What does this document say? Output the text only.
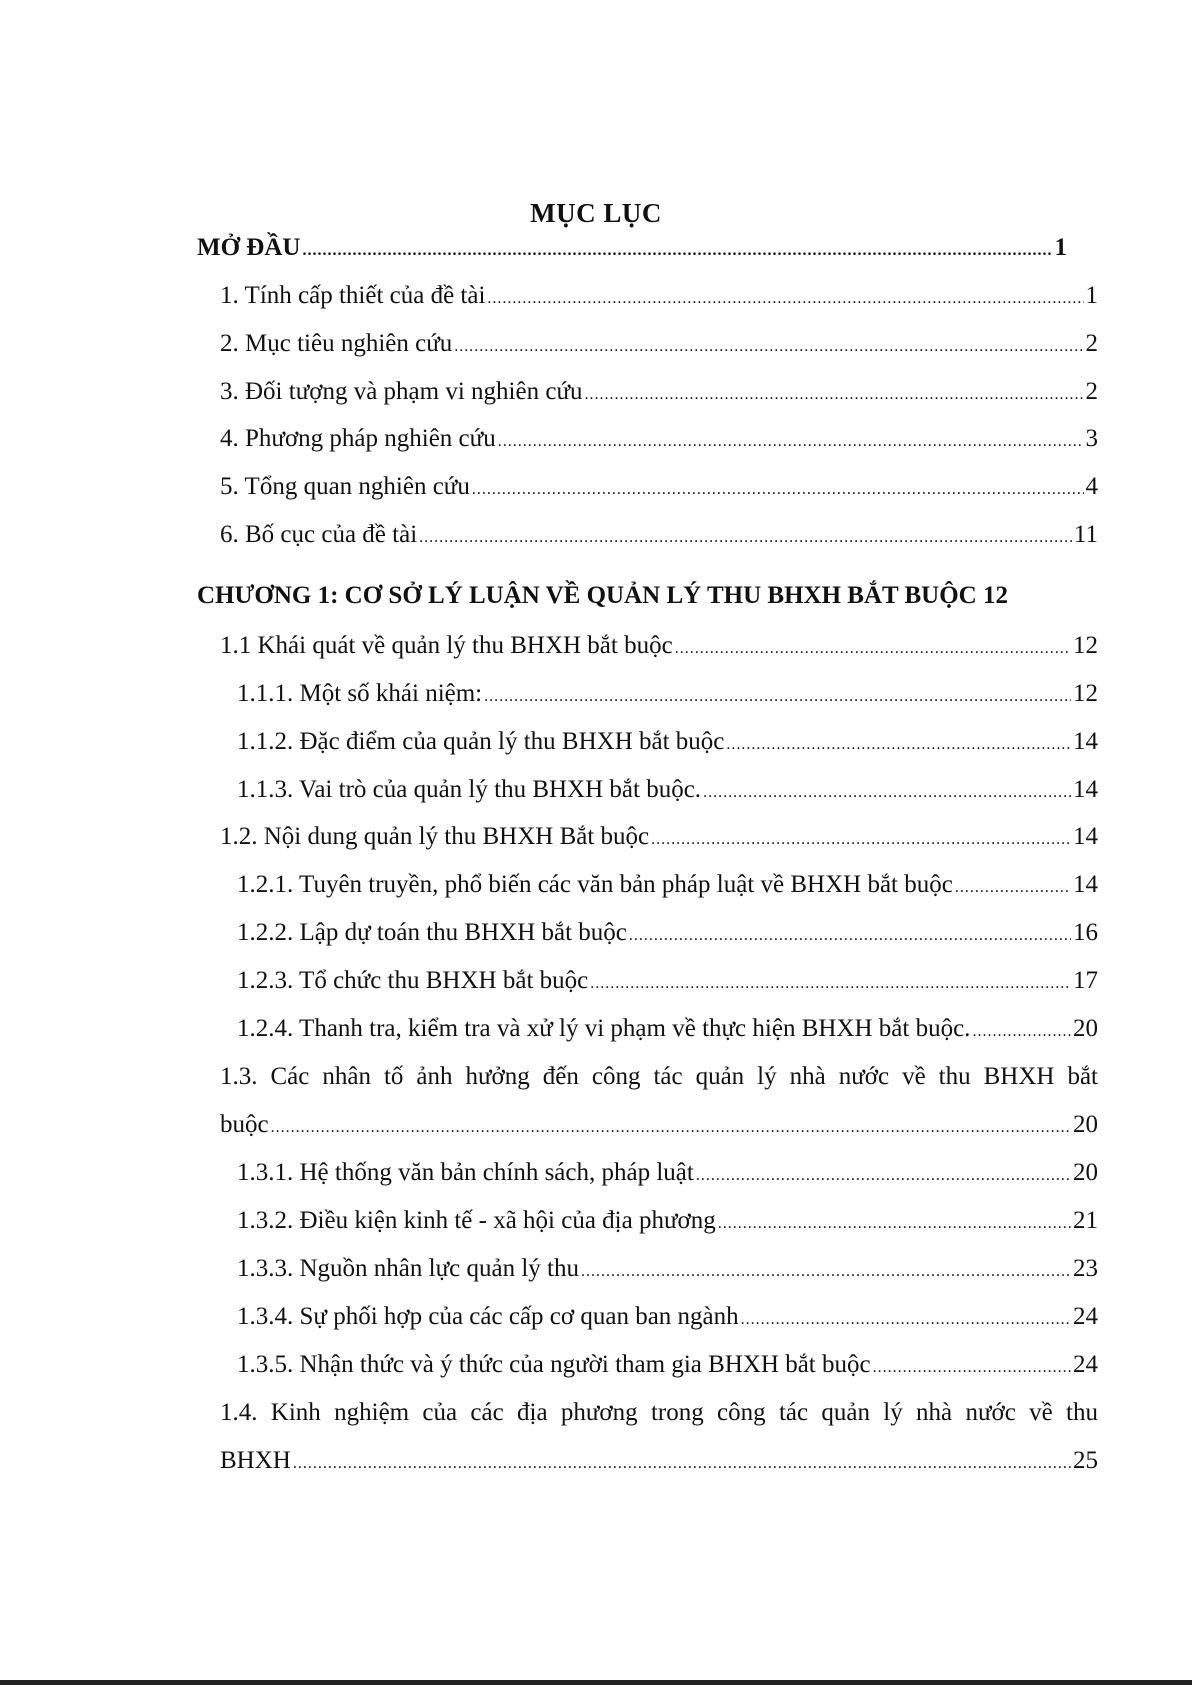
MỤC LỤC
MỞ ĐẦU .....	1
1. Tính cấp thiết của đề tài .....	1
2. Mục tiêu nghiên cứu .....	2
3. Đối tượng và phạm vi nghiên cứu .....	2
4. Phương pháp nghiên cứu .....	3
5. Tổng quan nghiên cứu .....	4
6. Bố cục của đề tài .....	11
CHƯƠNG 1: CƠ SỞ LÝ LUẬN VỀ QUẢN LÝ THU BHXH BẮT BUỘC 12
1.1 Khái quát về quản lý thu BHXH bắt buộc .....	12
1.1.1. Một số khái niệm: .....	12
1.1.2. Đặc điểm của quản lý thu BHXH bắt buộc .....	14
1.1.3. Vai trò của quản lý thu BHXH bắt buộc. .....	14
1.2. Nội dung quản lý thu BHXH Bắt buộc .....	14
1.2.1. Tuyên truyền, phổ biến các văn bản pháp luật về BHXH bắt buộc .....	14
1.2.2. Lập dự toán thu BHXH bắt buộc .....	16
1.2.3. Tổ chức thu BHXH bắt buộc .....	17
1.2.4. Thanh tra, kiểm tra và xử lý vi phạm về thực hiện BHXH bắt buộc. .....	20
1.3. Các nhân tố ảnh hưởng đến công tác quản lý nhà nước về thu BHXH bắt
buộc .....	20
1.3.1. Hệ thống văn bản chính sách, pháp luật .....	20
1.3.2. Điều kiện kinh tế - xã hội của địa phương .....	21
1.3.3. Nguồn nhân lực quản lý thu .....	23
1.3.4. Sự phối hợp của các cấp cơ quan ban ngành .....	24
1.3.5. Nhận thức và ý thức của người tham gia BHXH bắt buộc .....	24
1.4. Kinh nghiệm của các địa phương trong công tác quản lý nhà nước về thu
BHXH .....	25
